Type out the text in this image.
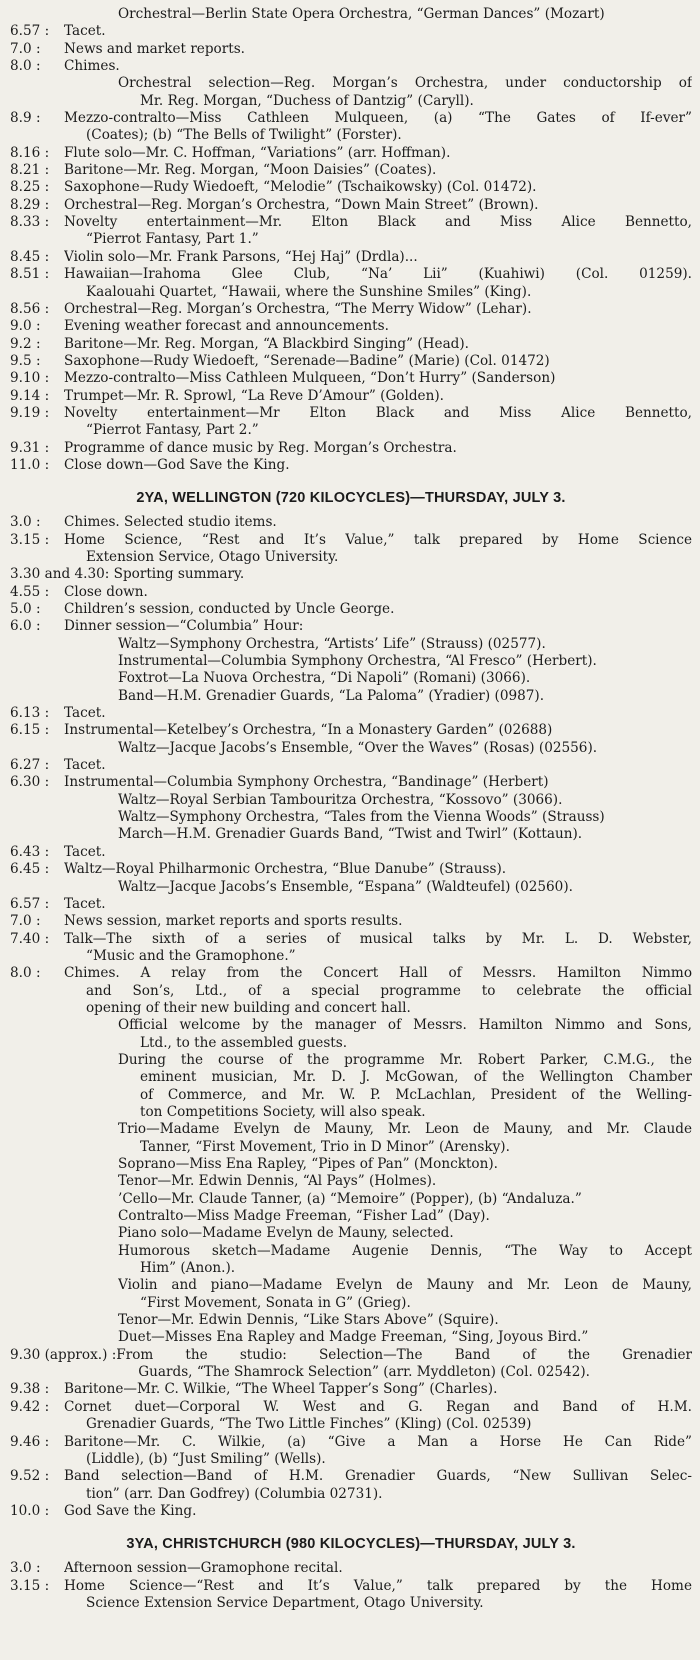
Orchestral—Berlin State Opera Orchestra, “German Dances” (Mozart)
6.57 :	Tacet.
7.0 :	News and market reports.
8.0 :	Chimes.
Orchestral selection—Reg. Morgan’s Orchestra, under conductorship of
Mr. Reg. Morgan, “Duchess of Dantzig” (Caryll).
8.9 :	Mezzo-contralto—Miss Cathleen Mulqueen, (a) “The Gates of If-ever”
(Coates); (b) “The Bells of Twilight” (Forster).
8.16 :	Flute solo—Mr. C. Hoffman, “Variations” (arr. Hoffman).
8.21 :	Baritone—Mr. Reg. Morgan, “Moon Daisies” (Coates).
8.25 :	Saxophone—Rudy Wiedoeft, “Melodie” (Tschaikowsky) (Col. 01472).
8.29 :	Orchestral—Reg. Morgan’s Orchestra, “Down Main Street” (Brown).
8.33 :	Novelty entertainment—Mr. Elton Black and Miss Alice Bennetto,
“Pierrot Fantasy, Part 1.”
8.45 :	Violin solo—Mr. Frank Parsons, “Hej Haj” (Drdla)...
8.51 :	Hawaiian—Irahoma Glee Club, “Na’ Lii” (Kuahiwi) (Col. 01259).
Kaalouahi Quartet, “Hawaii, where the Sunshine Smiles” (King).
8.56 :	Orchestral—Reg. Morgan’s Orchestra, “The Merry Widow” (Lehar).
9.0 :	Evening weather forecast and announcements.
9.2 :	Baritone—Mr. Reg. Morgan, “A Blackbird Singing” (Head).
9.5 :	Saxophone—Rudy Wiedoeft, “Serenade—Badine” (Marie) (Col. 01472)
9.10 :	Mezzo-contralto—Miss Cathleen Mulqueen, “Don’t Hurry” (Sanderson)
9.14 :	Trumpet—Mr. R. Sprowl, “La Reve D’Amour” (Golden).
9.19 :	Novelty entertainment—Mr Elton Black and Miss Alice Bennetto,
“Pierrot Fantasy, Part 2.”
9.31 :	Programme of dance music by Reg. Morgan’s Orchestra.
11.0 :	Close down—God Save the King.
2YA, WELLINGTON (720 KILOCYCLES)—THURSDAY, JULY 3.
3.0 :	Chimes. Selected studio items.
3.15 :	Home Science, “Rest and It’s Value,” talk prepared by Home Science
Extension Service, Otago University.
3.30 and 4.30: Sporting summary.
4.55 :	Close down.
5.0 :	Children’s session, conducted by Uncle George.
6.0 :	Dinner session—“Columbia” Hour:
Waltz—Symphony Orchestra, “Artists’ Life” (Strauss) (02577).
Instrumental—Columbia Symphony Orchestra, “Al Fresco” (Herbert).
Foxtrot—La Nuova Orchestra, “Di Napoli” (Romani) (3066).
Band—H.M. Grenadier Guards, “La Paloma” (Yradier) (0987).
6.13 :	Tacet.
6.15 :	Instrumental—Ketelbey’s Orchestra, “In a Monastery Garden” (02688)
Waltz—Jacque Jacobs’s Ensemble, “Over the Waves” (Rosas) (02556).
6.27 :	Tacet.
6.30 :	Instrumental—Columbia Symphony Orchestra, “Bandinage” (Herbert)
Waltz—Royal Serbian Tambouritza Orchestra, “Kossovo” (3066).
Waltz—Symphony Orchestra, “Tales from the Vienna Woods” (Strauss)
March—H.M. Grenadier Guards Band, “Twist and Twirl” (Kottaun).
6.43 :	Tacet.
6.45 :	Waltz—Royal Philharmonic Orchestra, “Blue Danube” (Strauss).
Waltz—Jacque Jacobs’s Ensemble, “Espana” (Waldteufel) (02560).
6.57 :	Tacet.
7.0 :	News session, market reports and sports results.
7.40 :	Talk—The sixth of a series of musical talks by Mr. L. D. Webster,
“Music and the Gramophone.”
8.0 :	Chimes. A relay from the Concert Hall of Messrs. Hamilton Nimmo
and Son’s, Ltd., of a special programme to celebrate the official
opening of their new building and concert hall.
Official welcome by the manager of Messrs. Hamilton Nimmo and Sons,
Ltd., to the assembled guests.
During the course of the programme Mr. Robert Parker, C.M.G., the
eminent musician, Mr. D. J. McGowan, of the Wellington Chamber
of Commerce, and Mr. W. P. McLachlan, President of the Welling-
ton Competitions Society, will also speak.
Trio—Madame Evelyn de Mauny, Mr. Leon de Mauny, and Mr. Claude
Tanner, “First Movement, Trio in D Minor” (Arensky).
Soprano—Miss Ena Rapley, “Pipes of Pan” (Monckton).
Tenor—Mr. Edwin Dennis, “Al Pays” (Holmes).
’Cello—Mr. Claude Tanner, (a) “Memoire” (Popper), (b) “Andaluza.”
Contralto—Miss Madge Freeman, “Fisher Lad” (Day).
Piano solo—Madame Evelyn de Mauny, selected.
Humorous sketch—Madame Augenie Dennis, “The Way to Accept
Him” (Anon.).
Violin and piano—Madame Evelyn de Mauny and Mr. Leon de Mauny,
“First Movement, Sonata in G” (Grieg).
Tenor—Mr. Edwin Dennis, “Like Stars Above” (Squire).
Duet—Misses Ena Rapley and Madge Freeman, “Sing, Joyous Bird.”
9.30 (approx.) : From the studio: Selection—The Band of the Grenadier
Guards, “The Shamrock Selection” (arr. Myddleton) (Col. 02542).
9.38 :	Baritone—Mr. C. Wilkie, “The Wheel Tapper’s Song” (Charles).
9.42 :	Cornet duet—Corporal W. West and G. Regan and Band of H.M.
Grenadier Guards, “The Two Little Finches” (Kling) (Col. 02539)
9.46 :	Baritone—Mr. C. Wilkie, (a) “Give a Man a Horse He Can Ride”
(Liddle), (b) “Just Smiling” (Wells).
9.52 :	Band selection—Band of H.M. Grenadier Guards, “New Sullivan Selec-
tion” (arr. Dan Godfrey) (Columbia 02731).
10.0 :	God Save the King.
3YA, CHRISTCHURCH (980 KILOCYCLES)—THURSDAY, JULY 3.
3.0 :	Afternoon session—Gramophone recital.
3.15 :	Home Science—“Rest and It’s Value,” talk prepared by the Home
Science Extension Service Department, Otago University.
